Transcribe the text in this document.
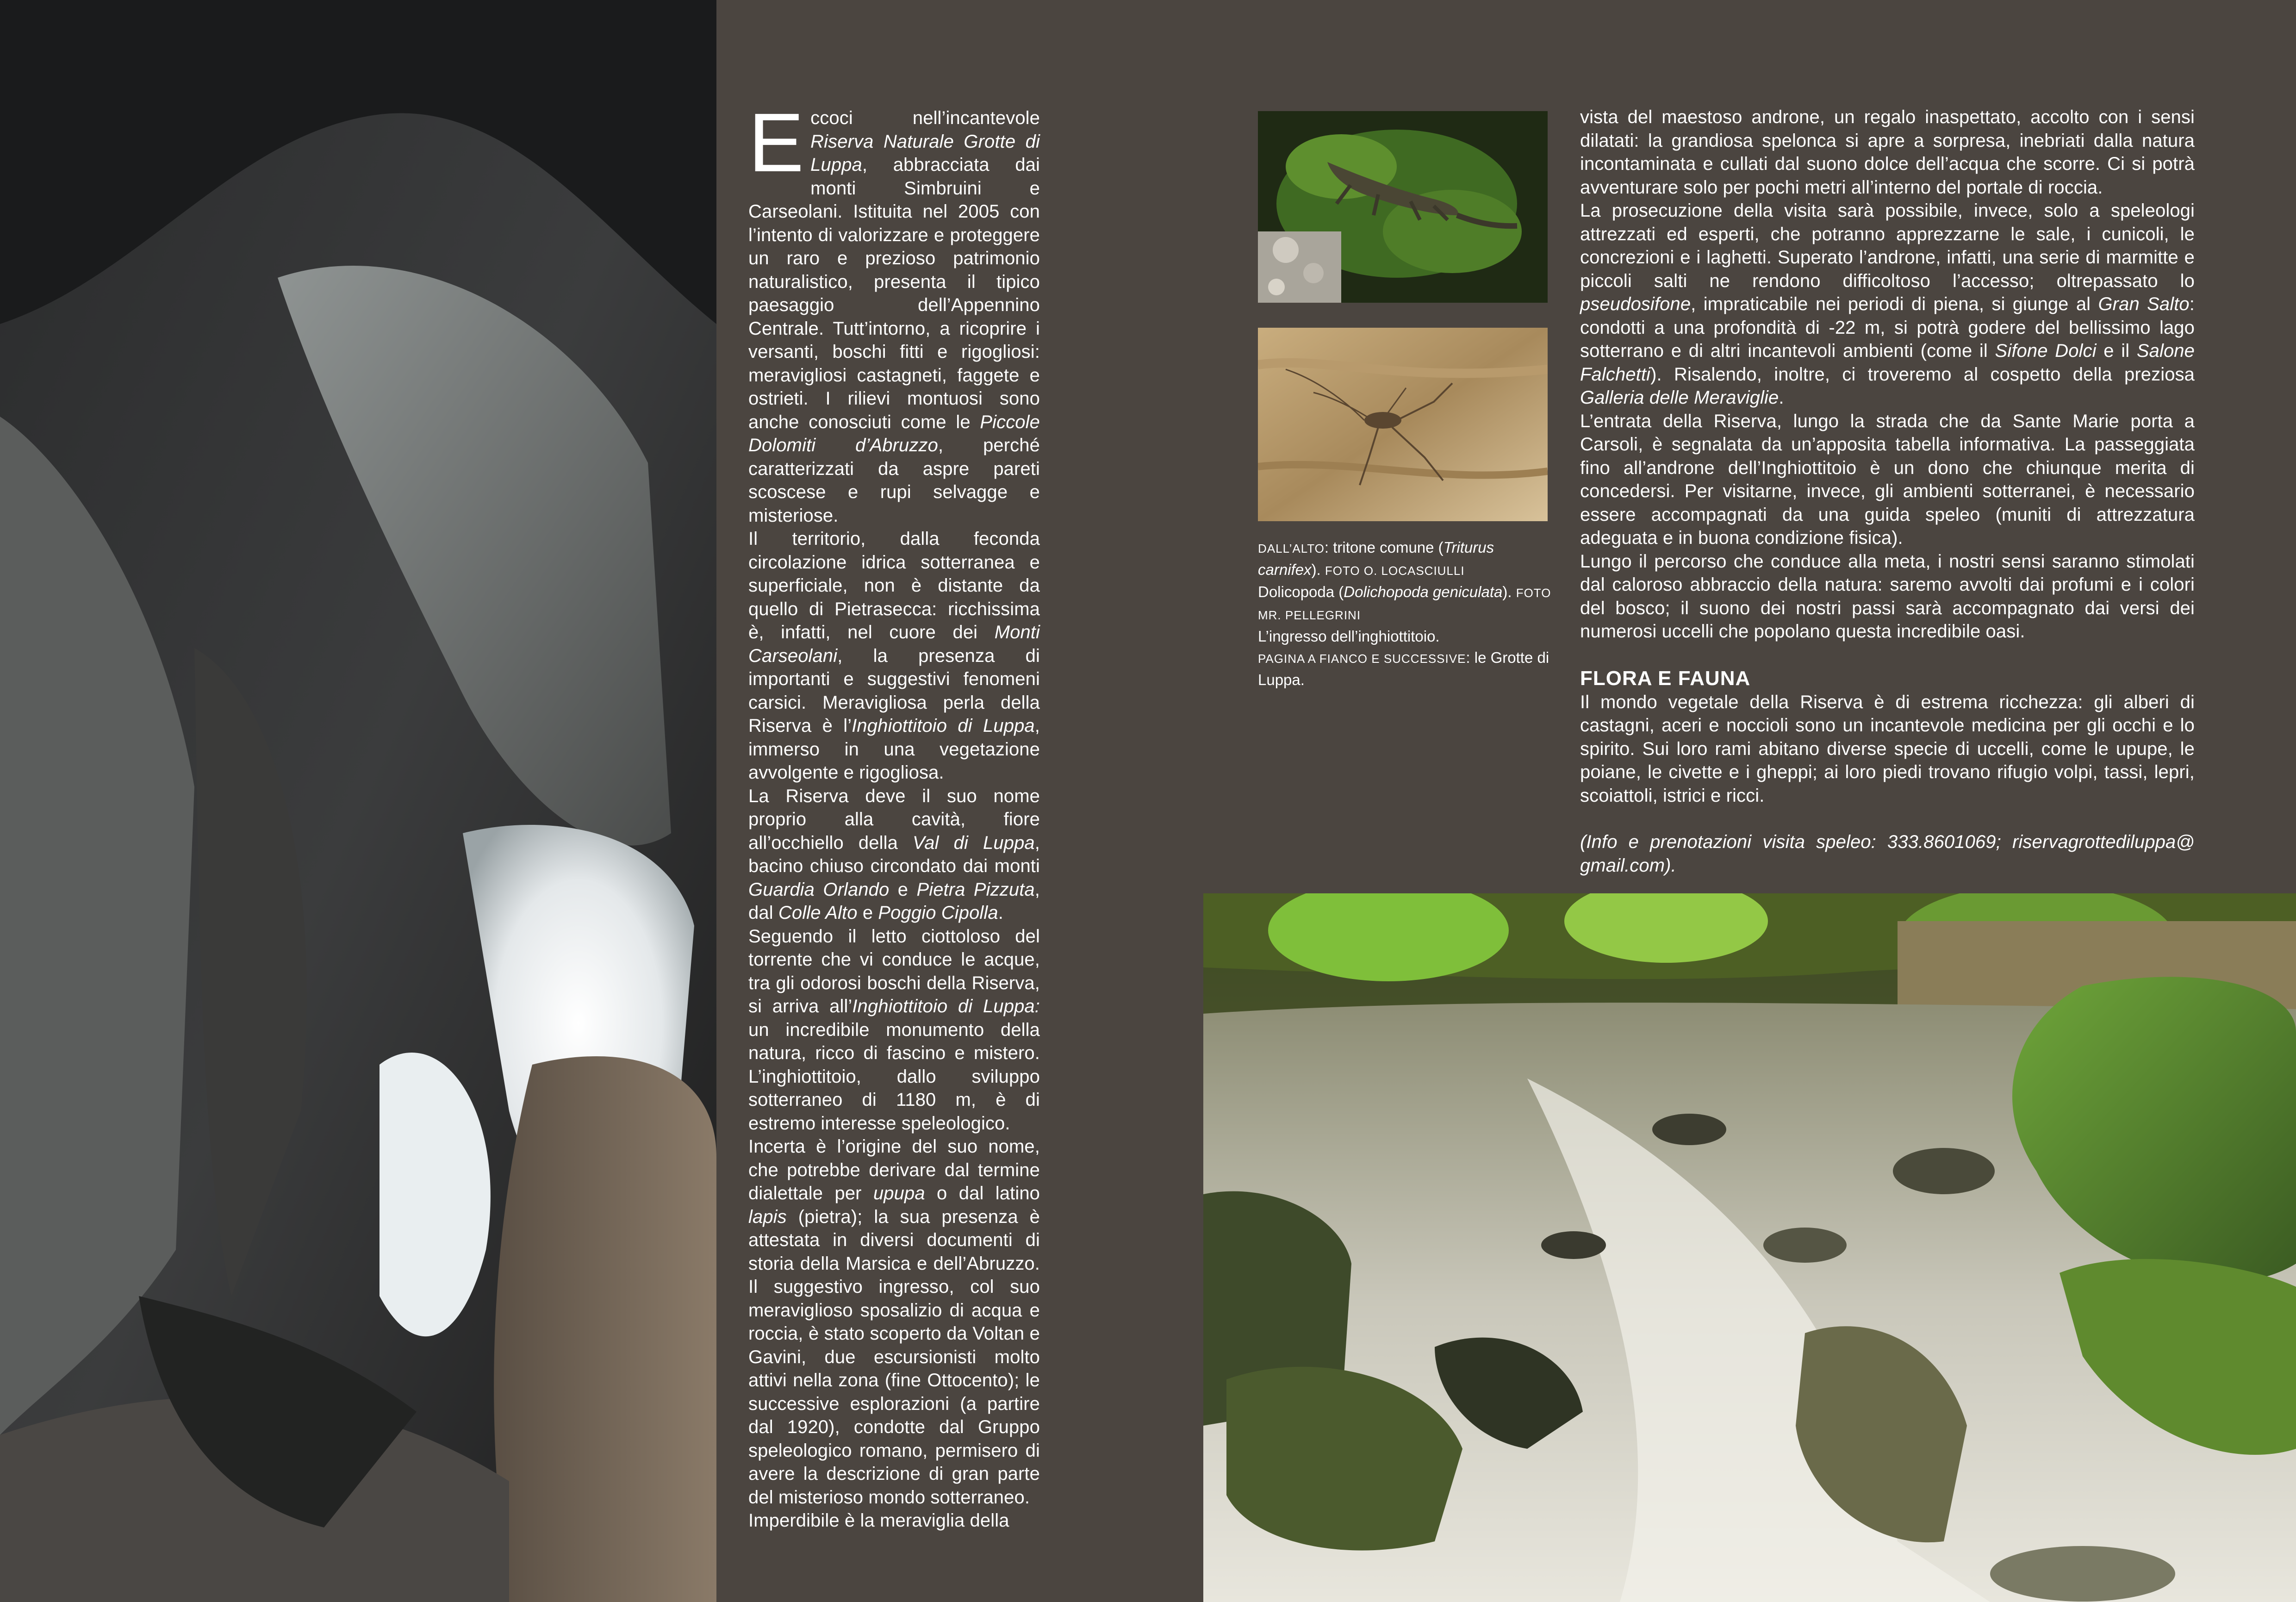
Eccoci nell’incantevole Riserva Naturale Grotte di Luppa, abbracciata dai monti Simbruini e Carseolani. Istituita nel 2005 con l’intento di valorizzare e proteggere un raro e prezioso patrimonio naturalistico, presenta il tipico paesaggio dell’Appennino Centrale. Tutt’intorno, a ricoprire i versanti, boschi fitti e rigogliosi: meravigliosi castagneti, faggete e ostrieti. I rilievi montuosi sono anche conosciuti come le Piccole Dolomiti d’Abruzzo, perché caratterizzati da aspre pareti scoscese e rupi selvagge e misteriose.

Il territorio, dalla feconda circolazione idrica sotterranea e superficiale, non è distante da quello di Pietrasecca: ricchissima è, infatti, nel cuore dei Monti Carseolani, la presenza di importanti e suggestivi fenomeni carsici. Meravigliosa perla della Riserva è l’Inghiottitoio di Luppa, immerso in una vegetazione avvolgente e rigogliosa.

La Riserva deve il suo nome proprio alla cavità, fiore all’occhiello della Val di Luppa, bacino chiuso circondato dai monti Guardia Orlando e Pietra Pizzuta, dal Colle Alto e Poggio Cipolla.

Seguendo il letto ciottoloso del torrente che vi conduce le acque, tra gli odorosi boschi della Riserva, si arriva all’Inghiottitoio di Luppa: un incredibile monumento della natura, ricco di fascino e mistero. L’inghiottitoio, dallo sviluppo sotterraneo di 1180 m, è di estremo interesse speleologico.

Incerta è l’origine del suo nome, che potrebbe derivare dal termine dialettale per upupa o dal latino lapis (pietra); la sua presenza è attestata in diversi documenti di storia della Marsica e dell’Abruzzo. Il suggestivo ingresso, col suo meraviglioso sposalizio di acqua e roccia, è stato scoperto da Voltan e Gavini, due escursionisti molto attivi nella zona (fine Ottocento); le successive esplorazioni (a partire dal 1920), condotte dal Gruppo speleologico romano, permisero di avere la descrizione di gran parte del misterioso mondo sotterraneo.

Imperdibile è la meraviglia della

DALL’ALTO: tritone comune (Triturus carnifex). FOTO O. LOCASCIULLI

Dolicopoda (Dolichopoda geniculata). FOTO MR. PELLEGRINI

L’ingresso dell’inghiottitoio.

PAGINA A FIANCO E SUCCESSIVE: le Grotte di Luppa.

vista del maestoso androne, un regalo inaspettato, accolto con i sensi dilatati: la grandiosa spelonca si apre a sorpresa, inebriati dalla natura incontaminata e cullati dal suono dolce dell’acqua che scorre. Ci si potrà avventurare solo per pochi metri all’interno del portale di roccia.

La prosecuzione della visita sarà possibile, invece, solo a speleologi attrezzati ed esperti, che potranno apprezzarne le sale, i cunicoli, le concrezioni e i laghetti. Superato l’androne, infatti, una serie di marmitte e piccoli salti ne rendono difficoltoso l’accesso; oltrepassato lo pseudosifone, impraticabile nei periodi di piena, si giunge al Gran Salto: condotti a una profondità di -22 m, si potrà godere del bellissimo lago sotterrano e di altri incantevoli ambienti (come il Sifone Dolci e il Salone Falchetti). Risalendo, inoltre, ci troveremo al cospetto della preziosa Galleria delle Meraviglie.

L’entrata della Riserva, lungo la strada che da Sante Marie porta a Carsoli, è segnalata da un’apposita tabella informativa. La passeggiata fino all’androne dell’Inghiottitoio è un dono che chiunque merita di concedersi. Per visitarne, invece, gli ambienti sotterranei, è necessario essere accompagnati da una guida speleo (muniti di attrezzatura adeguata e in buona condizione fisica).

Lungo il percorso che conduce alla meta, i nostri sensi saranno stimolati dal caloroso abbraccio della natura: saremo avvolti dai profumi e i colori del bosco; il suono dei nostri passi sarà accompagnato dai versi dei numerosi uccelli che popolano questa incredibile oasi.

FLORA E FAUNA

Il mondo vegetale della Riserva è di estrema ricchezza: gli alberi di castagni, aceri e noccioli sono un incantevole medicina per gli occhi e lo spirito. Sui loro rami abitano diverse specie di uccelli, come le upupe, le poiane, le civette e i gheppi; ai loro piedi trovano rifugio volpi, tassi, lepri, scoiattoli, istrici e ricci.

(Info e prenotazioni visita speleo: 333.8601069; riservagrottediluppa@ gmail.com).
